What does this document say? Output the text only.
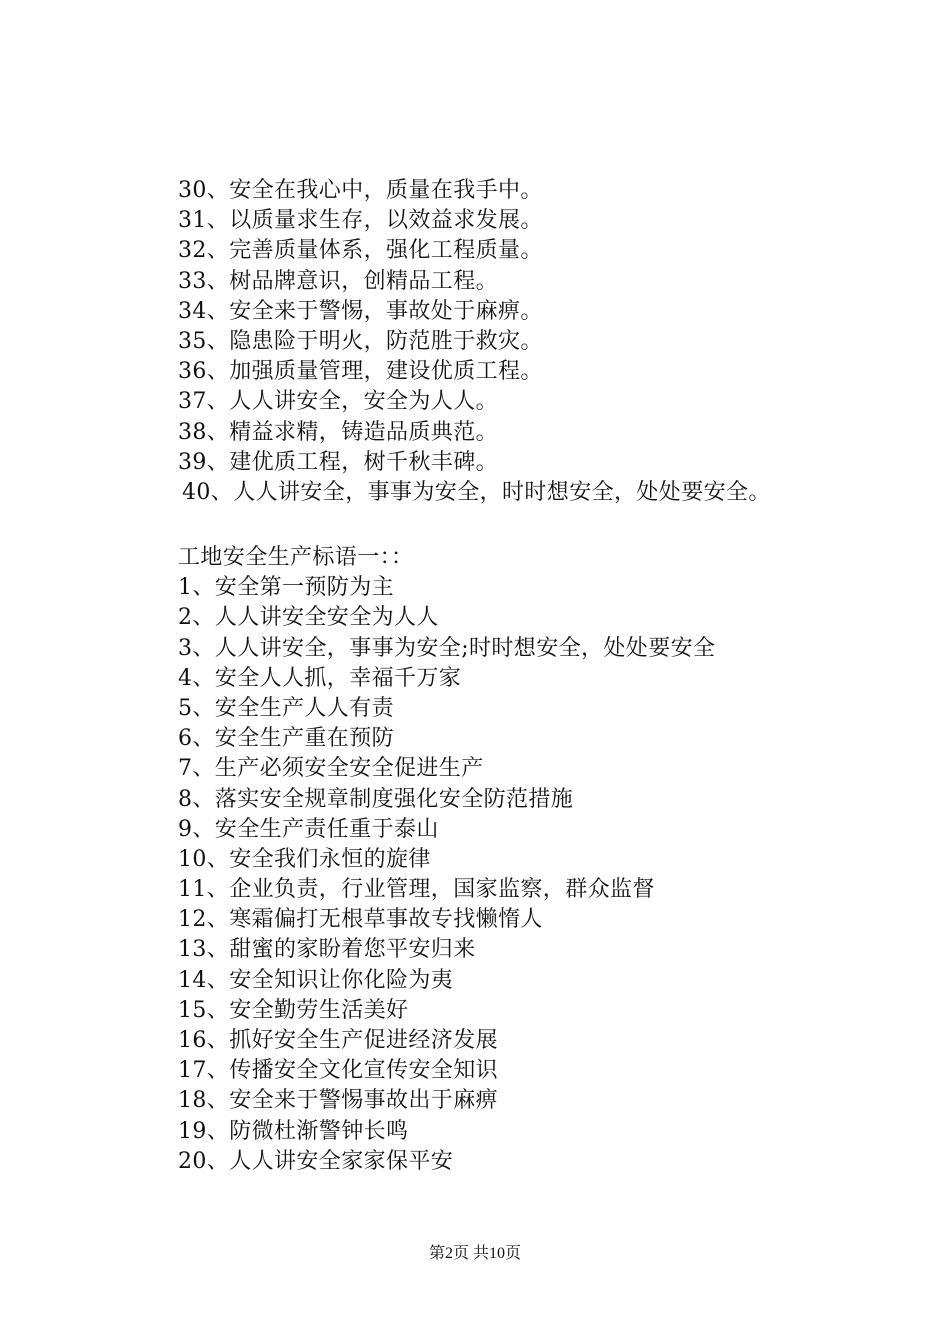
30、安全在我心中，质量在我手中。
31、以质量求生存，以效益求发展。
32、完善质量体系，强化工程质量。
33、树品牌意识，创精品工程。
34、安全来于警惕，事故处于麻痹。
35、隐患险于明火，防范胜于救灾。
36、加强质量管理，建设优质工程。
37、人人讲安全，安全为人人。
38、精益求精，铸造品质典范。
39、建优质工程，树千秋丰碑。
40、人人讲安全，事事为安全，时时想安全，处处要安全。
工地安全生产标语一：：
1、安全第一预防为主
2、人人讲安全安全为人人
3、人人讲安全，事事为安全;时时想安全，处处要安全
4、安全人人抓，幸福千万家
5、安全生产人人有责
6、安全生产重在预防
7、生产必须安全安全促进生产
8、落实安全规章制度强化安全防范措施
9、安全生产责任重于泰山
10、安全我们永恒的旋律
11、企业负责，行业管理，国家监察，群众监督
12、寒霜偏打无根草事故专找懒惰人
13、甜蜜的家盼着您平安归来
14、安全知识让你化险为夷
15、安全勤劳生活美好
16、抓好安全生产促进经济发展
17、传播安全文化宣传安全知识
18、安全来于警惕事故出于麻痹
19、防微杜渐警钟长鸣
20、人人讲安全家家保平安
第2页 共10页
